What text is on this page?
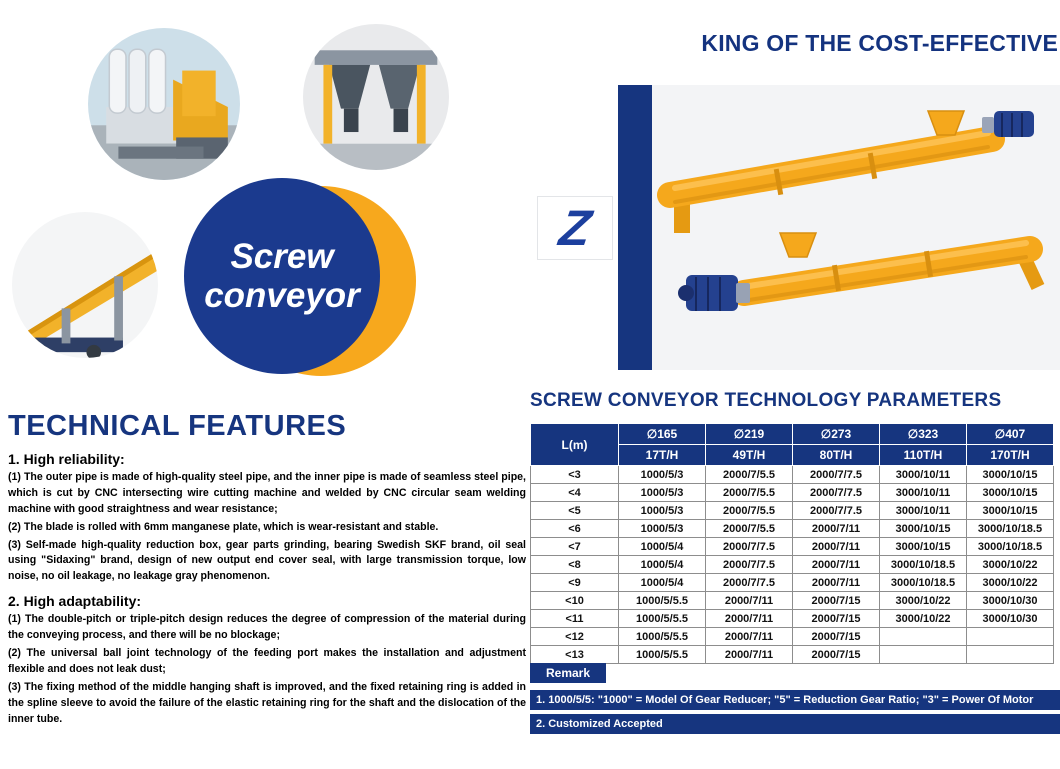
Screw
conveyor
TECHNICAL FEATURES
1. High reliability:

(1) The outer pipe is made of high-quality steel pipe, and the inner pipe is made of seamless steel pipe, which is cut by CNC intersecting wire cutting machine and welded by CNC circular seam welding machine with good straightness and wear resistance;

(2) The blade is rolled with 6mm manganese plate, which is wear-resistant and stable.

(3) Self-made high-quality reduction box, gear parts grinding, bearing Swedish SKF brand, oil seal using "Sidaxing" brand, design of new output end cover seal, with large transmission torque, low noise, no oil leakage, no leakage gray phenomenon.

2. High adaptability:

(1) The double-pitch or triple-pitch design reduces the degree of compression of the material during the conveying process, and there will be no blockage;

(2) The universal ball joint technology of the feeding port makes the installation and adjustment flexible and does not leak dust;

(3) The fixing method of the middle hanging shaft is improved, and the fixed retaining ring is added in the spline sleeve to avoid the failure of the elastic retaining ring for the shaft and the dislocation of the inner tube.

KING OF THE COST-EFFECTIVE
Z
SCREW CONVEYOR TECHNOLOGY PARAMETERS
L(m)	∅165	∅219	∅273	∅323	∅407
	17T/H	49T/H	80T/H	110T/H	170T/H
<3	1000/5/3	2000/7/5.5	2000/7/7.5	3000/10/11	3000/10/15
<4	1000/5/3	2000/7/5.5	2000/7/7.5	3000/10/11	3000/10/15
<5	1000/5/3	2000/7/5.5	2000/7/7.5	3000/10/11	3000/10/15
<6	1000/5/3	2000/7/5.5	2000/7/11	3000/10/15	3000/10/18.5
<7	1000/5/4	2000/7/7.5	2000/7/11	3000/10/15	3000/10/18.5
<8	1000/5/4	2000/7/7.5	2000/7/11	3000/10/18.5	3000/10/22
<9	1000/5/4	2000/7/7.5	2000/7/11	3000/10/18.5	3000/10/22
<10	1000/5/5.5	2000/7/11	2000/7/15	3000/10/22	3000/10/30
<11	1000/5/5.5	2000/7/11	2000/7/15	3000/10/22	3000/10/30
<12	1000/5/5.5	2000/7/11	2000/7/15		
<13	1000/5/5.5	2000/7/11	2000/7/15		
Remark
1. 1000/5/5: "1000" = Model Of Gear Reducer; "5" = Reduction Gear Ratio; "3" = Power Of Motor
2. Customized Accepted
